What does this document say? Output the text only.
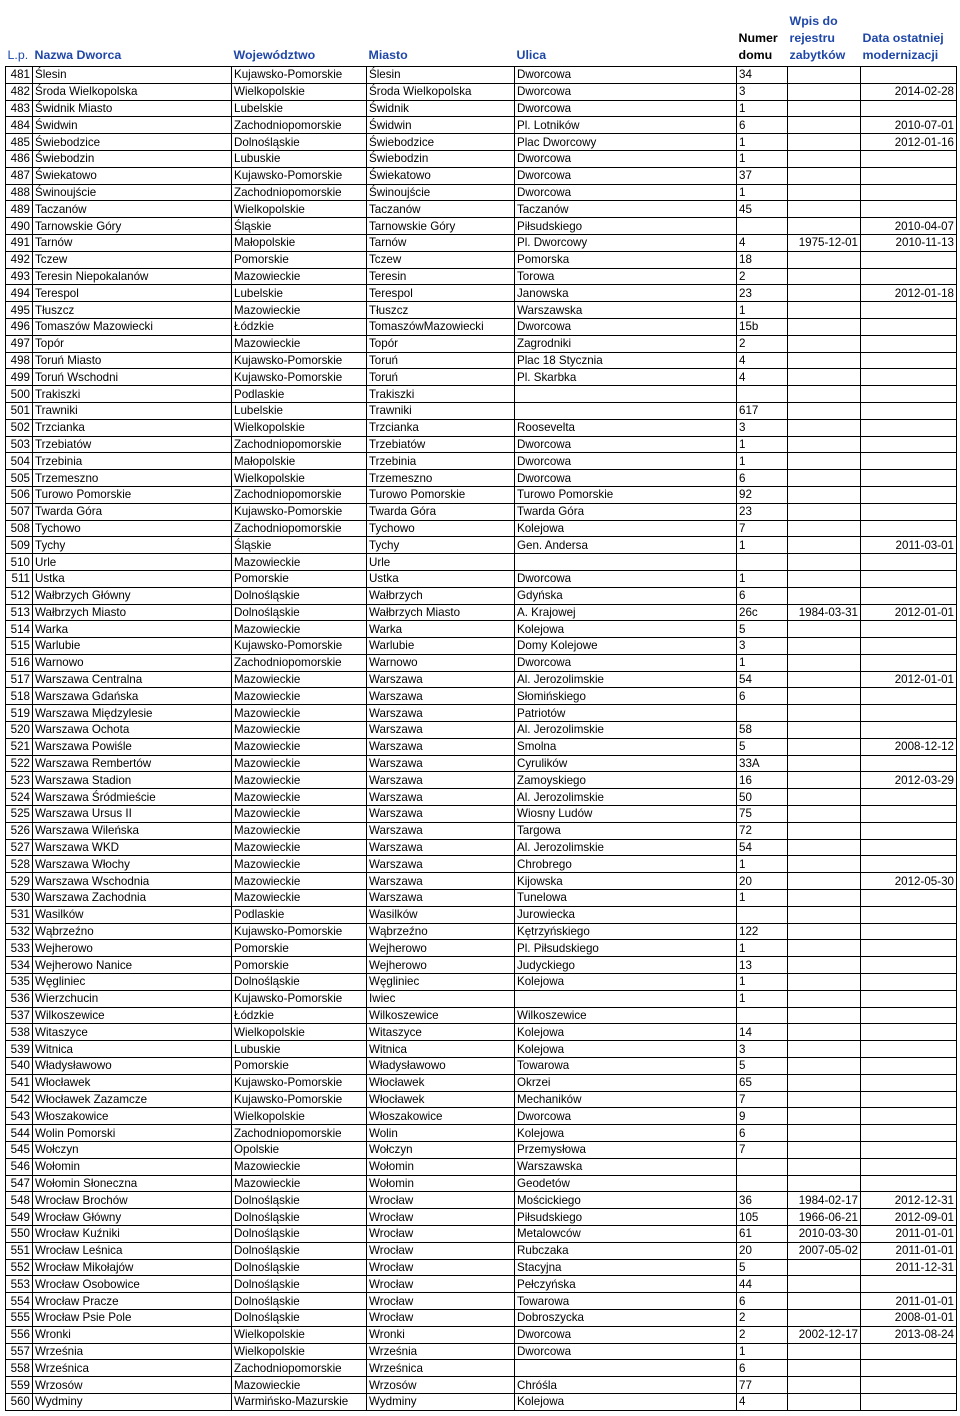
L.p.	Nazwa Dworca	Województwo	Miasto	Ulica	Numer domu	Wpis do rejestru zabytków	Data ostatniej modernizacji
481	Ślesin	Kujawsko-Pomorskie	Ślesin	Dworcowa	34		
482	Środa Wielkopolska	Wielkopolskie	Środa Wielkopolska	Dworcowa	3		2014-02-28
483	Świdnik Miasto	Lubelskie	Świdnik	Dworcowa	1		
484	Świdwin	Zachodniopomorskie	Świdwin	Pl. Lotników	6		2010-07-01
485	Świebodzice	Dolnośląskie	Świebodzice	Plac Dworcowy	1		2012-01-16
486	Świebodzin	Lubuskie	Świebodzin	Dworcowa	1		
487	Świekatowo	Kujawsko-Pomorskie	Świekatowo	Dworcowa	37		
488	Świnoujście	Zachodniopomorskie	Świnoujście	Dworcowa	1		
489	Taczanów	Wielkopolskie	Taczanów	Taczanów	45		
490	Tarnowskie Góry	Śląskie	Tarnowskie Góry	Piłsudskiego			2010-04-07
491	Tarnów	Małopolskie	Tarnów	Pl. Dworcowy	4	1975-12-01	2010-11-13
492	Tczew	Pomorskie	Tczew	Pomorska	18		
493	Teresin Niepokalanów	Mazowieckie	Teresin	Torowa	2		
494	Terespol	Lubelskie	Terespol	Janowska	23		2012-01-18
495	Tłuszcz	Mazowieckie	Tłuszcz	Warszawska	1		
496	Tomaszów Mazowiecki	Łódzkie	TomaszówMazowiecki	Dworcowa	15b		
497	Topór	Mazowieckie	Topór	Zagrodniki	2		
498	Toruń Miasto	Kujawsko-Pomorskie	Toruń	Plac 18 Stycznia	4		
499	Toruń Wschodni	Kujawsko-Pomorskie	Toruń	Pl. Skarbka	4		
500	Trakiszki	Podlaskie	Trakiszki				
501	Trawniki	Lubelskie	Trawniki		617		
502	Trzcianka	Wielkopolskie	Trzcianka	Roosevelta	3		
503	Trzebiatów	Zachodniopomorskie	Trzebiatów	Dworcowa	1		
504	Trzebinia	Małopolskie	Trzebinia	Dworcowa	1		
505	Trzemeszno	Wielkopolskie	Trzemeszno	Dworcowa	6		
506	Turowo Pomorskie	Zachodniopomorskie	Turowo Pomorskie	Turowo Pomorskie	92		
507	Twarda Góra	Kujawsko-Pomorskie	Twarda Góra	Twarda Góra	23		
508	Tychowo	Zachodniopomorskie	Tychowo	Kolejowa	7		
509	Tychy	Śląskie	Tychy	Gen. Andersa	1		2011-03-01
510	Urle	Mazowieckie	Urle				
511	Ustka	Pomorskie	Ustka	Dworcowa	1		
512	Wałbrzych Główny	Dolnośląskie	Wałbrzych	Gdyńska	6		
513	Wałbrzych Miasto	Dolnośląskie	Wałbrzych Miasto	A. Krajowej	26c	1984-03-31	2012-01-01
514	Warka	Mazowieckie	Warka	Kolejowa	5		
515	Warlubie	Kujawsko-Pomorskie	Warlubie	Domy Kolejowe	3		
516	Warnowo	Zachodniopomorskie	Warnowo	Dworcowa	1		
517	Warszawa Centralna	Mazowieckie	Warszawa	Al. Jerozolimskie	54		2012-01-01
518	Warszawa Gdańska	Mazowieckie	Warszawa	Słomińskiego	6		
519	Warszawa Międzylesie	Mazowieckie	Warszawa	Patriotów			
520	Warszawa Ochota	Mazowieckie	Warszawa	Al. Jerozolimskie	58		
521	Warszawa Powiśle	Mazowieckie	Warszawa	Smolna	5		2008-12-12
522	Warszawa Rembertów	Mazowieckie	Warszawa	Cyrulików	33A		
523	Warszawa Stadion	Mazowieckie	Warszawa	Zamoyskiego	16		2012-03-29
524	Warszawa Śródmieście	Mazowieckie	Warszawa	Al. Jerozolimskie	50		
525	Warszawa Ursus II	Mazowieckie	Warszawa	Wiosny Ludów	75		
526	Warszawa Wileńska	Mazowieckie	Warszawa	Targowa	72		
527	Warszawa WKD	Mazowieckie	Warszawa	Al. Jerozolimskie	54		
528	Warszawa Włochy	Mazowieckie	Warszawa	Chrobrego	1		
529	Warszawa Wschodnia	Mazowieckie	Warszawa	Kijowska	20		2012-05-30
530	Warszawa Zachodnia	Mazowieckie	Warszawa	Tunelowa	1		
531	Wasilków	Podlaskie	Wasilków	Jurowiecka			
532	Wąbrzeźno	Kujawsko-Pomorskie	Wąbrzeźno	Kętrzyńskiego	122		
533	Wejherowo	Pomorskie	Wejherowo	Pl. Piłsudskiego	1		
534	Wejherowo Nanice	Pomorskie	Wejherowo	Judyckiego	13		
535	Węgliniec	Dolnośląskie	Węgliniec	Kolejowa	1		
536	Wierzchucin	Kujawsko-Pomorskie	Iwiec		1		
537	Wilkoszewice	Łódzkie	Wilkoszewice	Wilkoszewice			
538	Witaszyce	Wielkopolskie	Witaszyce	Kolejowa	14		
539	Witnica	Lubuskie	Witnica	Kolejowa	3		
540	Władysławowo	Pomorskie	Władysławowo	Towarowa	5		
541	Włocławek	Kujawsko-Pomorskie	Włocławek	Okrzei	65		
542	Włocławek Zazamcze	Kujawsko-Pomorskie	Włocławek	Mechaników	7		
543	Włoszakowice	Wielkopolskie	Włoszakowice	Dworcowa	9		
544	Wolin Pomorski	Zachodniopomorskie	Wolin	Kolejowa	6		
545	Wołczyn	Opolskie	Wołczyn	Przemysłowa	7		
546	Wołomin	Mazowieckie	Wołomin	Warszawska			
547	Wołomin Słoneczna	Mazowieckie	Wołomin	Geodetów			
548	Wrocław Brochów	Dolnośląskie	Wrocław	Mościckiego	36	1984-02-17	2012-12-31
549	Wrocław Główny	Dolnośląskie	Wrocław	Piłsudskiego	105	1966-06-21	2012-09-01
550	Wrocław Kuźniki	Dolnośląskie	Wrocław	Metalowców	61	2010-03-30	2011-01-01
551	Wrocław Leśnica	Dolnośląskie	Wrocław	Rubczaka	20	2007-05-02	2011-01-01
552	Wrocław Mikołajów	Dolnośląskie	Wrocław	Stacyjna	5		2011-12-31
553	Wrocław Osobowice	Dolnośląskie	Wrocław	Pełczyńska	44		
554	Wrocław Pracze	Dolnośląskie	Wrocław	Towarowa	6		2011-01-01
555	Wrocław Psie Pole	Dolnośląskie	Wrocław	Dobroszycka	2		2008-01-01
556	Wronki	Wielkopolskie	Wronki	Dworcowa	2	2002-12-17	2013-08-24
557	Września	Wielkopolskie	Września	Dworcowa	1		
558	Wrześnica	Zachodniopomorskie	Wrześnica		6		
559	Wrzosów	Mazowieckie	Wrzosów	Chróśla	77		
560	Wydminy	Warmińsko-Mazurskie	Wydminy	Kolejowa	4		
